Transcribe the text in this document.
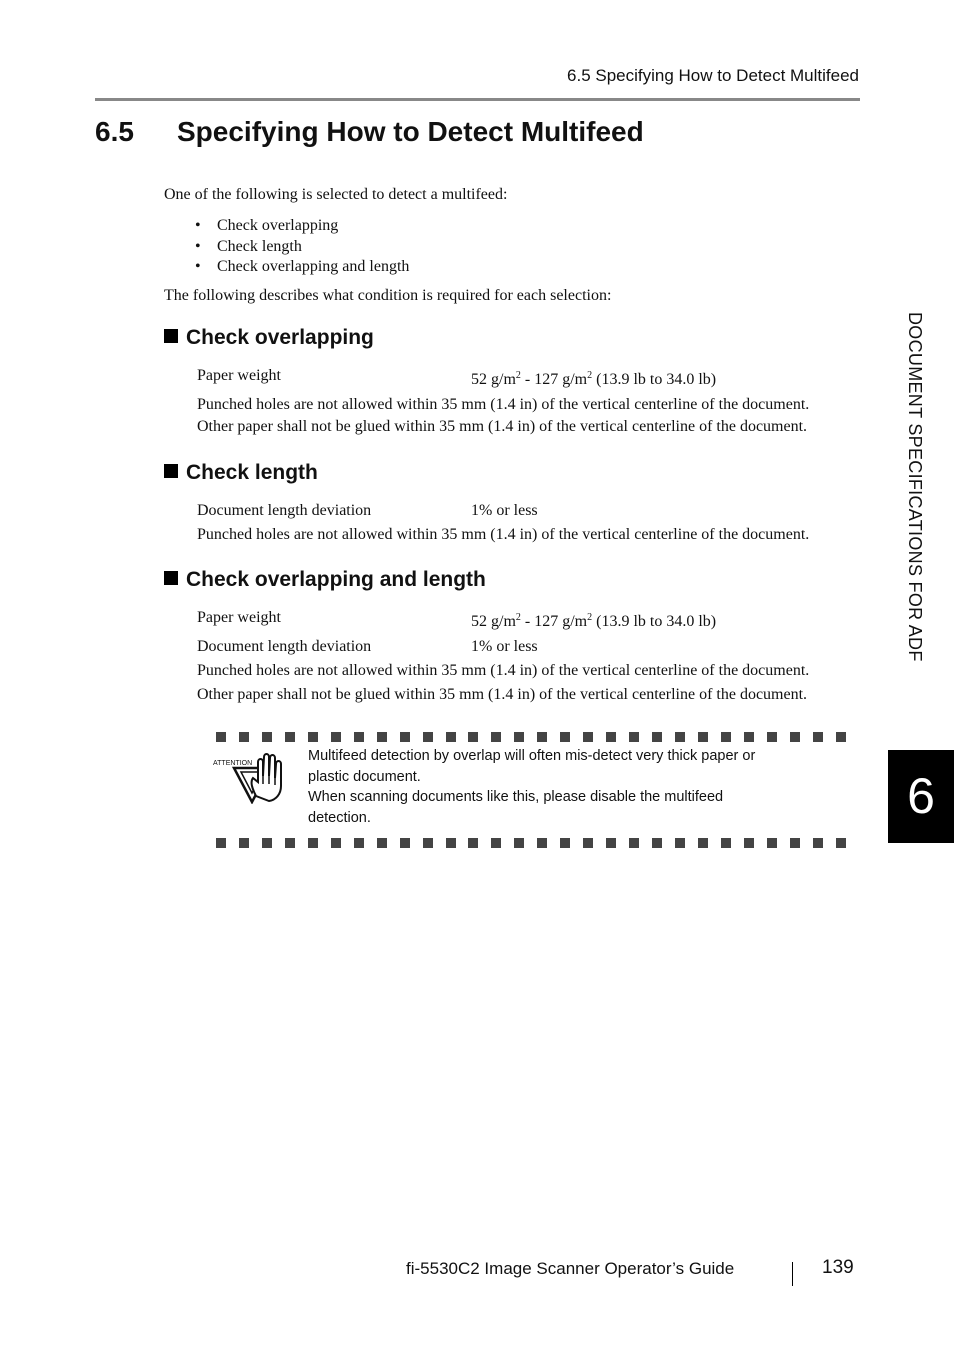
6.5 Specifying How to Detect Multifeed
6.5 Specifying How to Detect Multifeed
One of the following is selected to detect a multifeed:
• Check overlapping
• Check length
• Check overlapping and length
The following describes what condition is required for each selection:
Check overlapping
Paper weight	52 $g/m^2 - 127$ $g/m^2$ (13.9 lb to 34.0 lb)
Punched holes are not allowed within 35 mm (1.4 in) of the vertical centerline of the document.
Other paper shall not be glued within 35 mm (1.4 in) of the vertical centerline of the document.
Check length
Document length deviation	1% or less
Punched holes are not allowed within 35 mm (1.4 in) of the vertical centerline of the document.
Check overlapping and length
Paper weight	52 $g/m^2 - 127$ $g/m^2$ (13.9 lb to 34.0 lb)
Document length deviation	1% or less
Punched holes are not allowed within 35 mm (1.4 in) of the vertical centerline of the document.
Other paper shall not be glued within 35 mm (1.4 in) of the vertical centerline of the document.
ATTENTION	Multifeed detection by overlap will often mis-detect very thick paper or
plastic document.
When scanning documents like this, please disable the multifeed
detection.
DOCUMENT SPECIFICATIONS FOR ADF
6
fi-5530C2 Image Scanner Operator’s Guide	139
